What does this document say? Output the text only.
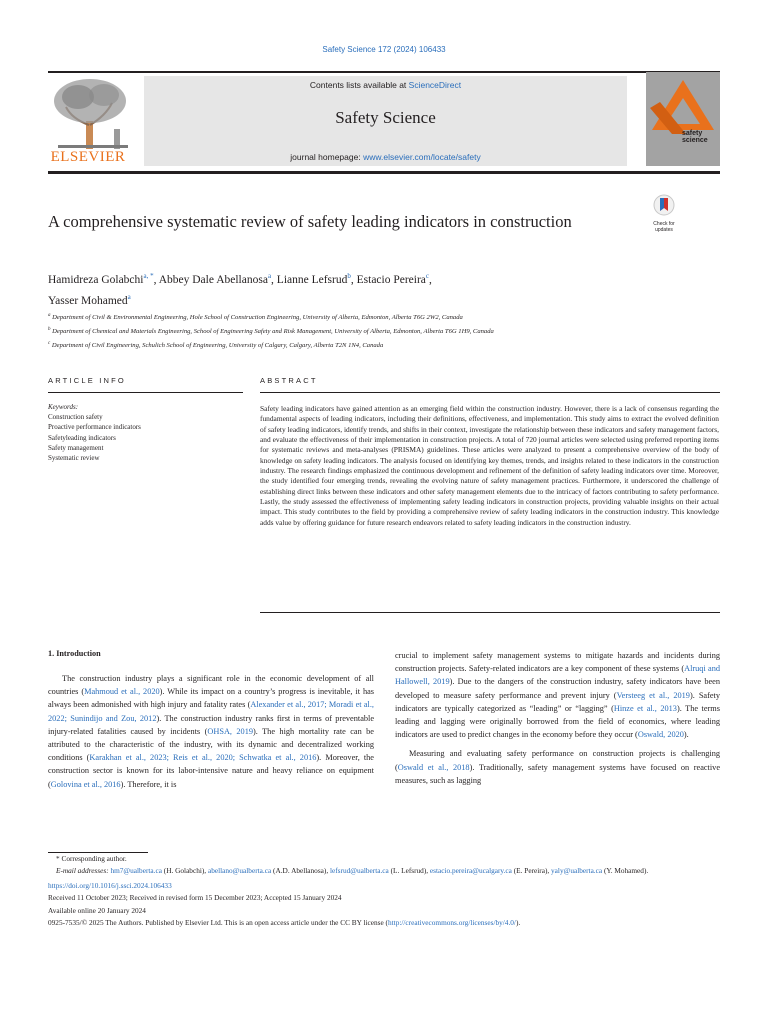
Safety Science 172 (2024) 106433
ELSEVIER
Contents lists available at ScienceDirect
Safety Science
journal homepage: www.elsevier.com/locate/safety
safety
science
Check for
updates
A comprehensive systematic review of safety leading indicators in construction
Hamidreza Golabchi$^{a, *}$, Abbey Dale Abellanosa$^a$, Lianne Lefsrud$^b$, Estacio Pereira$^c$,
Yasser Mohamed$^a$
$^a$ Department of Civil & Environmental Engineering, Hole School of Construction Engineering, University of Alberta, Edmonton, Alberta T6G 2W2, Canada
$^b$ Department of Chemical and Materials Engineering, School of Engineering Safety and Risk Management, University of Alberta, Edmonton, Alberta T6G 1H9, Canada
$^c$ Department of Civil Engineering, Schulich School of Engineering, University of Calgary, Calgary, Alberta T2N 1N4, Canada
ARTICLE INFO	ABSTRACT
Keywords:
Construction safety
Proactive performance indicators
Safetyleading indicators
Safety management
Systematic review
Safety leading indicators have gained attention as an emerging field within the construction industry. However, there is a lack of consensus regarding the fundamental aspects of leading indicators, including their definitions, effectiveness, and implementation. This study aims to extract the evolved definition of safety leading indicators, identify trends, and shifts in their context, investigate the relationship between these indicators and safety management factors, and evaluate the effectiveness of their implementation in construction projects. A total of 720 journal articles were selected using preferred reporting items for systematic reviews and meta-analyses (PRISMA) guidelines. These articles were analyzed to present a comprehensive overview of the body of knowledge on safety leading indicators. The analysis focused on identifying key themes, trends, and insights related to these indicators in the construction industry. The research findings emphasized the continuous development and refinement of the definition of safety leading indicators over time. Moreover, the study identified four emerging trends, revealing the evolving nature of safety management practices. Furthermore, it underscored the challenge of establishing direct links between these indicators and other safety management elements due to the intricacy of factors contributing to safety performance. Lastly, the study assessed the effectiveness of implementing safety leading indicators in construction projects, providing valuable insights on their actual impact. This study contributes to the field by providing a comprehensive review of safety leading indicators in the construction industry. This knowledge adds value by offering guidance for future research endeavors related to safety leading indicators in the construction industry.
1. Introduction

The construction industry plays a significant role in the economic development of all countries (Mahmoud et al., 2020). While its impact on a country’s progress is inevitable, it has always been admonished with high injury and fatality rates (Alexander et al., 2017; Moradi et al., 2022; Sunindijo and Zou, 2012). The construction industry ranks first in terms of preventable injury-related fatalities caused by incidents (OHSA, 2019). The high mortality rate can be attributed to the characteristic of the industry, with its dynamic and decentralized working conditions (Karakhan et al., 2023; Reis et al., 2020; Schwatka et al., 2016). Moreover, the construction sector is known for its labor-intensive nature and heavy reliance on equipment (Golovina et al., 2016). Therefore, it is

crucial to implement safety management systems to mitigate hazards and incidents during construction projects. Safety-related indicators are a key component of these systems (Alruqi and Hallowell, 2019). Due to the dangers of the construction industry, safety indicators have been developed to measure safety performance and prevent injury (Versteeg et al., 2019). Safety indicators are typically categorized as “leading” or “lagging” (Hinze et al., 2013). The terms leading and lagging were originally borrowed from the field of economics, where leading indicators are used to predict changes in the economy before they occur (Oswald, 2020).

Measuring and evaluating safety performance on construction projects is challenging (Oswald et al., 2018). Traditionally, safety management systems have focused on reactive measures, such as lagging

* Corresponding author.

E-mail addresses: hm7@ualberta.ca (H. Golabchi), abellano@ualberta.ca (A.D. Abellanosa), lefsrud@ualberta.ca (L. Lefsrud), estacio.pereira@ucalgary.ca (E. Pereira), yaly@ualberta.ca (Y. Mohamed).

https://doi.org/10.1016/j.ssci.2024.106433

Received 11 October 2023; Received in revised form 15 December 2023; Accepted 15 January 2024

Available online 20 January 2024

0925-7535/© 2025 The Authors. Published by Elsevier Ltd. This is an open access article under the CC BY license (http://creativecommons.org/licenses/by/4.0/).
